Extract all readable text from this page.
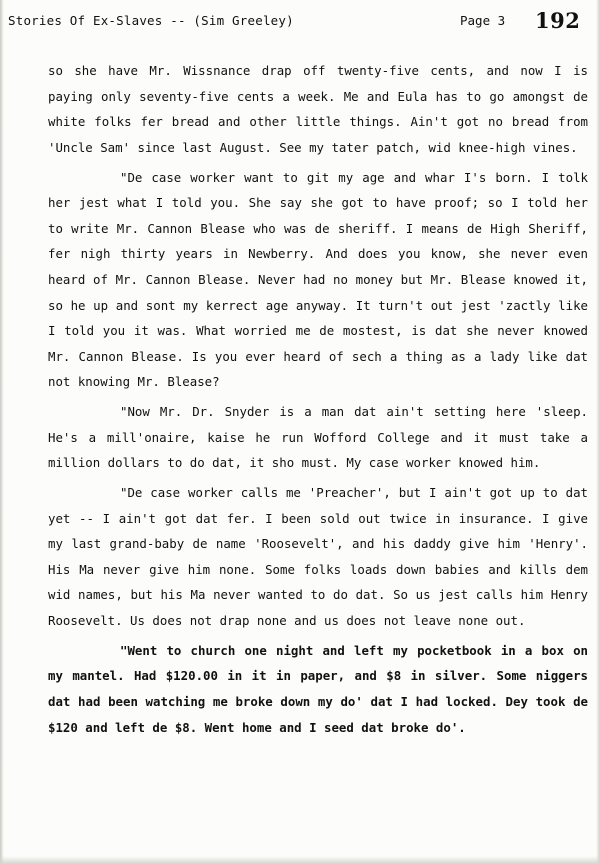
Stories Of Ex-Slaves -- (Sim Greeley)	Page 3 192

so she have Mr. Wissnance drap off twenty-five cents, and now I is paying only seventy-five cents a week. Me and Eula has to go amongst de white folks fer bread and other little things. Ain't got no bread from 'Uncle Sam' since last August. See my tater patch, wid knee-high vines.

"De case worker want to git my age and whar I's born. I tolk her jest what I told you. She say she got to have proof; so I told her to write Mr. Cannon Blease who was de sheriff. I means de High Sheriff, fer nigh thirty years in Newberry. And does you know, she never even heard of Mr. Cannon Blease. Never had no money but Mr. Blease knowed it, so he up and sont my kerrect age anyway. It turn't out jest 'zactly like I told you it was. What worried me de mostest, is dat she never knowed Mr. Cannon Blease. Is you ever heard of sech a thing as a lady like dat not knowing Mr. Blease?

"Now Mr. Dr. Snyder is a man dat ain't setting here 'sleep. He's a mill'onaire, kaise he run Wofford College and it must take a million dollars to do dat, it sho must. My case worker knowed him.

"De case worker calls me 'Preacher', but I ain't got up to dat yet -- I ain't got dat fer. I been sold out twice in insurance. I give my last grand-baby de name 'Roosevelt', and his daddy give him 'Henry'. His Ma never give him none. Some folks loads down babies and kills dem wid names, but his Ma never wanted to do dat. So us jest calls him Henry Roosevelt. Us does not drap none and us does not leave none out.

"Went to church one night and left my pocketbook in a box on my mantel. Had $120.00 in it in paper, and $8 in silver. Some niggers dat had been watching me broke down my do' dat I had locked. Dey took de $120 and left de $8. Went home and I seed dat broke do'.
